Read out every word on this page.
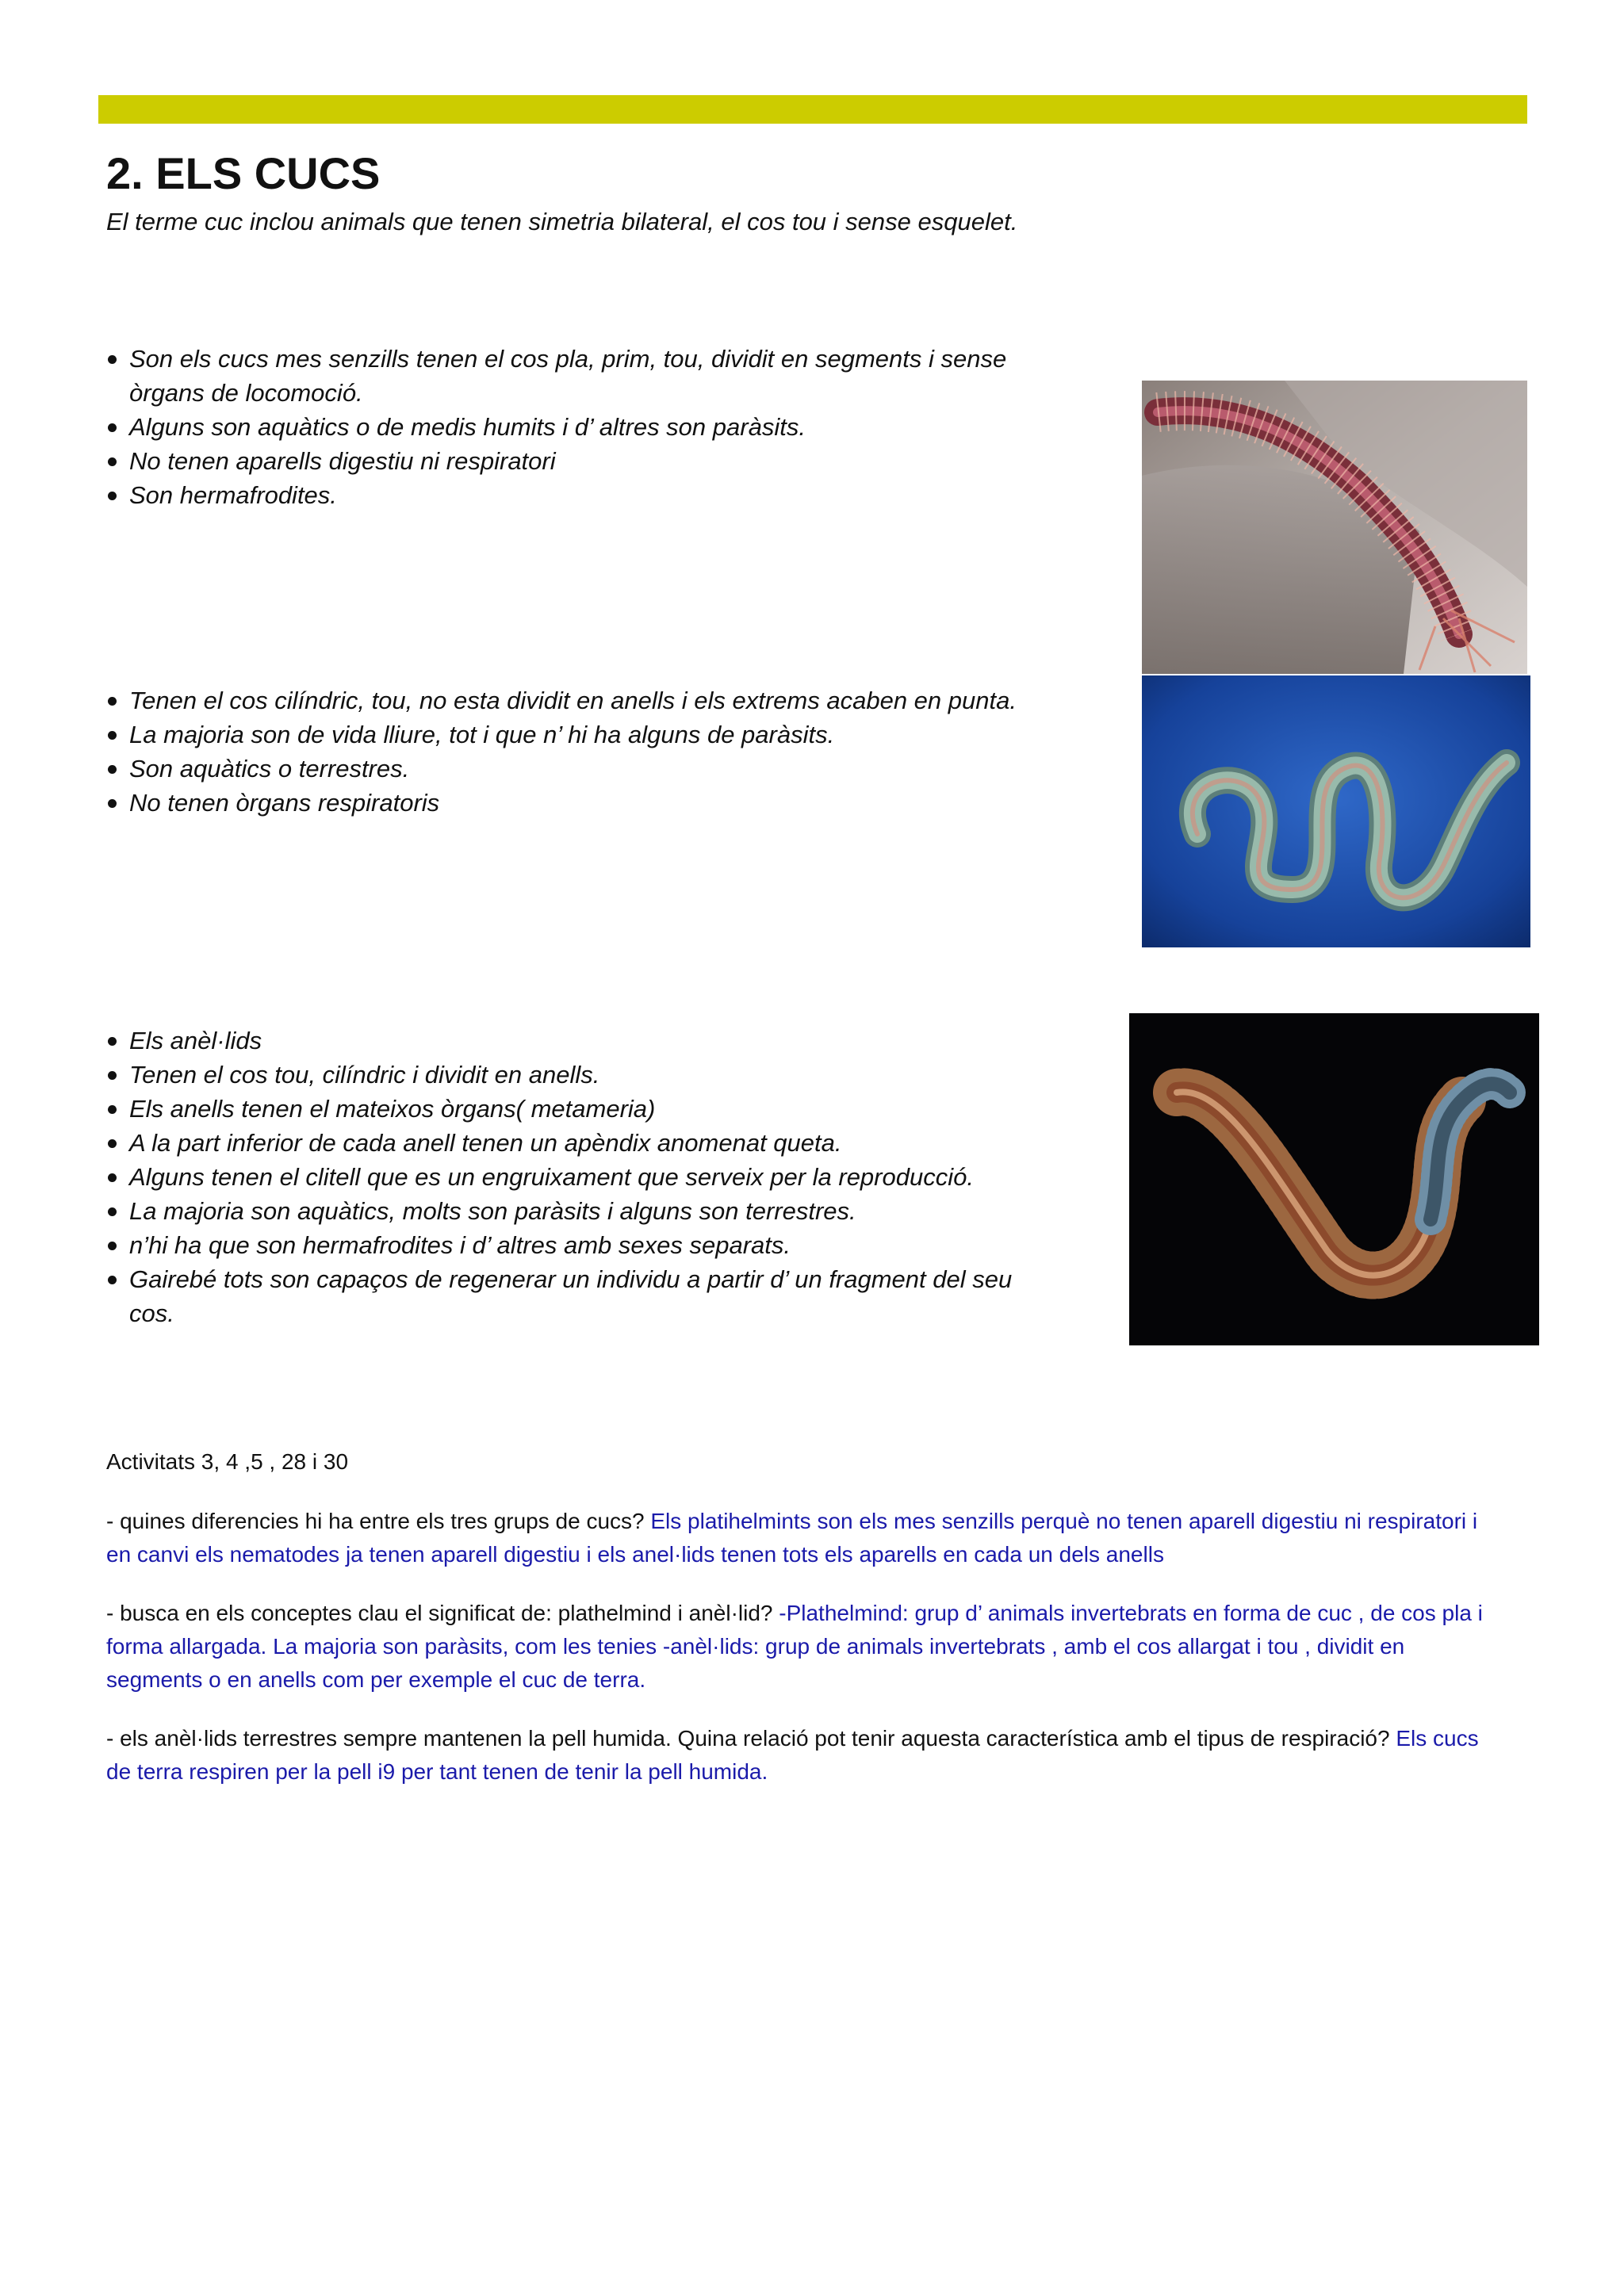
2. ELS CUCS

El terme cuc inclou animals que tenen simetria bilateral, el cos tou i sense esquelet.

Son els cucs mes senzills tenen el cos pla, prim, tou, dividit en segments i sense òrgans de locomoció.
Alguns son aquàtics o de medis humits i d’ altres son paràsits.
No tenen aparells digestiu ni respiratori
Son hermafrodites.
Tenen el cos cilíndric, tou, no esta dividit en anells i els extrems acaben en punta.
La majoria son de vida lliure, tot i que n’ hi ha alguns de paràsits.
Son aquàtics o terrestres.
No tenen òrgans respiratoris
Els anèl·lids
Tenen el cos tou, cilíndric i dividit en anells.
Els anells tenen el mateixos òrgans( metameria)
A la part inferior de cada anell tenen un apèndix anomenat queta.
Alguns tenen el clitell que es un engruixament que serveix per la reproducció.
La majoria son aquàtics, molts son paràsits i alguns son terrestres.
n’hi ha que son hermafrodites i d’ altres amb sexes separats.
Gairebé tots son capaços de regenerar un individu a partir d’ un fragment del seu cos.

Activitats 3, 4 ,5 , 28 i 30

- quines diferencies hi ha entre els tres grups de cucs? Els platihelmints son els mes senzills perquè no tenen aparell digestiu ni respiratori i en canvi els nematodes ja tenen aparell digestiu i els anel·lids tenen tots els aparells en cada un dels anells

- busca en els conceptes clau el significat de: plathelmind i anèl·lid? -Plathelmind: grup d’ animals invertebrats en forma de cuc , de cos pla i forma allargada. La majoria son paràsits, com les tenies -anèl·lids: grup de animals invertebrats , amb el cos allargat i tou , dividit en segments o en anells com per exemple el cuc de terra.

- els anèl·lids terrestres sempre mantenen la pell humida. Quina relació pot tenir aquesta característica amb el tipus de respiració? Els cucs de terra respiren per la pell i9 per tant tenen de tenir la pell humida.
